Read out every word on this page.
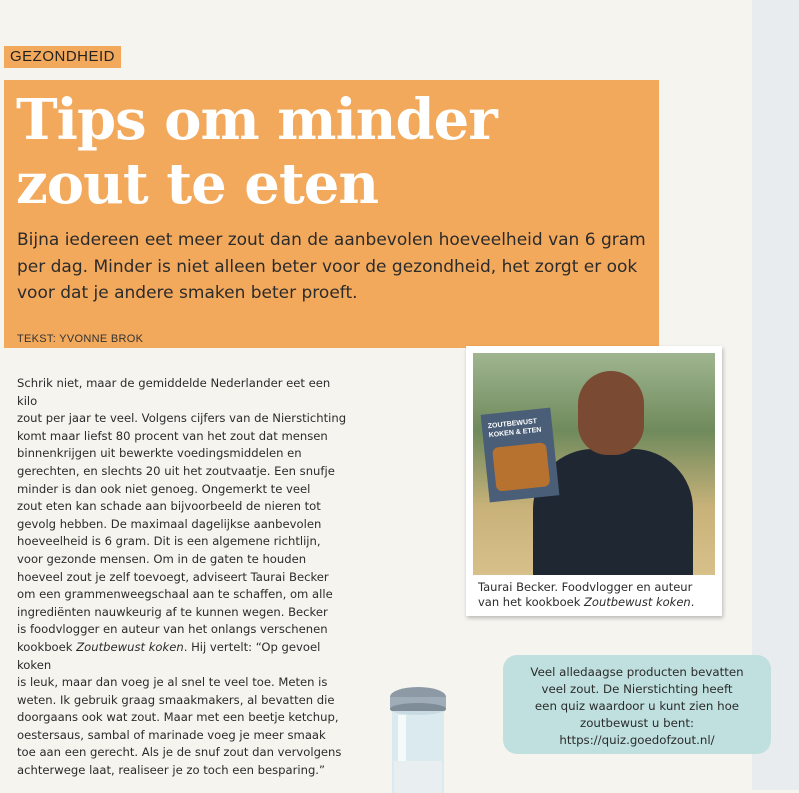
GEZONDHEID
Tips om minder
zout te eten

Bijna iedereen eet meer zout dan de aanbevolen hoeveelheid van 6 gram per dag. Minder is niet alleen beter voor de gezondheid, het zorgt er ook voor dat je andere smaken beter proeft.

TEKST: YVONNE BROK

Schrik niet, maar de gemiddelde Nederlander eet een kilo
zout per jaar te veel. Volgens cijfers van de Nierstichting
komt maar liefst 80 procent van het zout dat mensen
binnenkrijgen uit bewerkte voedingsmiddelen en
gerechten, en slechts 20 uit het zoutvaatje. Een snufje
minder is dan ook niet genoeg. Ongemerkt te veel
zout eten kan schade aan bijvoorbeeld de nieren tot
gevolg hebben. De maximaal dagelijkse aanbevolen
hoeveelheid is 6 gram. Dit is een algemene richtlijn,
voor gezonde mensen. Om in de gaten te houden
hoeveel zout je zelf toevoegt, adviseert Taurai Becker
om een grammenweegschaal aan te schaffen, om alle
ingrediënten nauwkeurig af te kunnen wegen. Becker
is foodvlogger en auteur van het onlangs verschenen
kookboek Zoutbewust koken. Hij vertelt: “Op gevoel koken
is leuk, maar dan voeg je al snel te veel toe. Meten is
weten. Ik gebruik graag smaakmakers, al bevatten die
doorgaans ook wat zout. Maar met een beetje ketchup,
oestersaus, sambal of marinade voeg je meer smaak
toe aan een gerecht. Als je de snuf zout dan vervolgens
achterwege laat, realiseer je zo toch een besparing.”

ZOUTBEWUST KOKEN & ETEN

Taurai Becker. Foodvlogger en auteur van het kookboek Zoutbewust koken.

Veel alledaagse producten bevatten
veel zout. De Nierstichting heeft
een quiz waardoor u kunt zien hoe
zoutbewust u bent:
https://quiz.goedofzout.nl/
